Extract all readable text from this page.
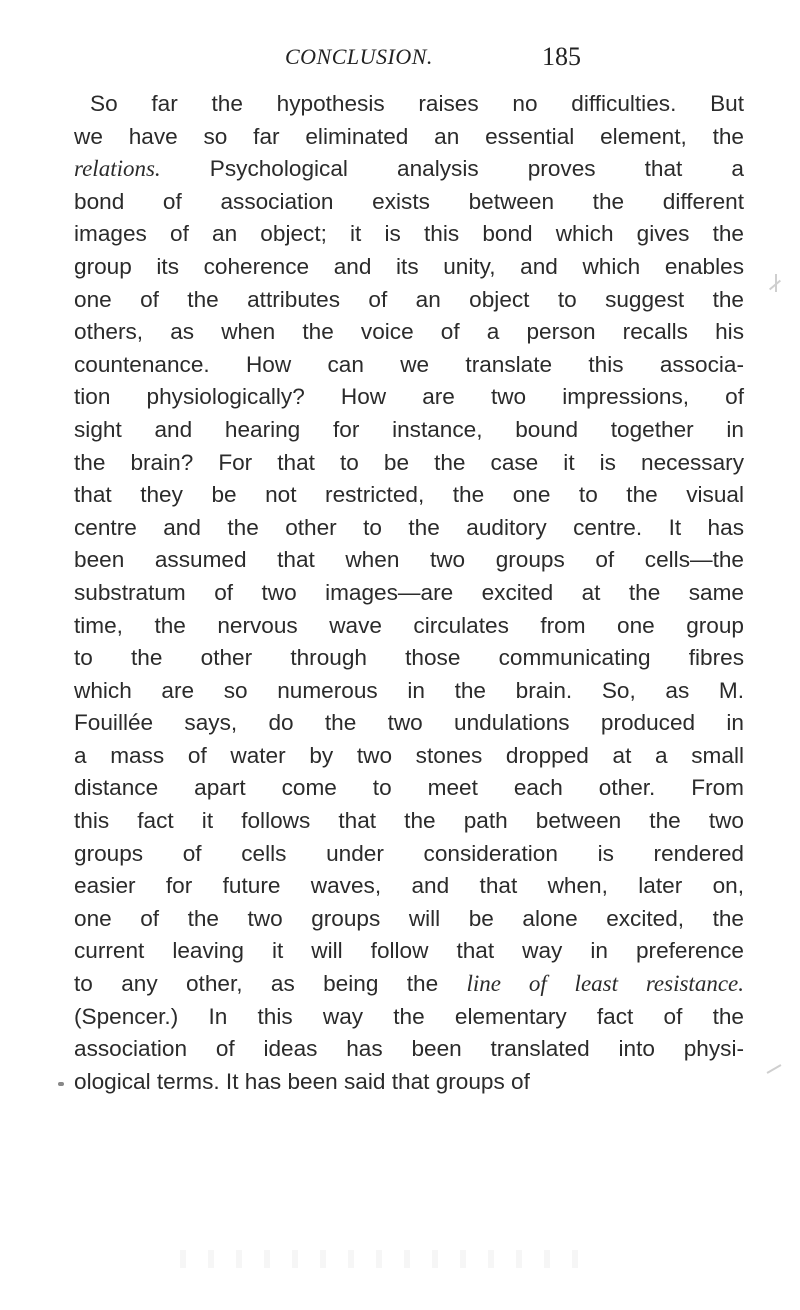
CONCLUSION.	185
So far the hypothesis raises no difficulties. But
we have so far eliminated an essential element, the
relations. Psychological analysis proves that a
bond of association exists between the different
images of an object; it is this bond which gives the
group its coherence and its unity, and which enables
one of the attributes of an object to suggest the
others, as when the voice of a person recalls his
countenance. How can we translate this associa-
tion physiologically? How are two impressions, of
sight and hearing for instance, bound together in
the brain? For that to be the case it is necessary
that they be not restricted, the one to the visual
centre and the other to the auditory centre. It has
been assumed that when two groups of cells—the
substratum of two images—are excited at the same
time, the nervous wave circulates from one group
to the other through those communicating fibres
which are so numerous in the brain. So, as M.
Fouillée says, do the two undulations produced in
a mass of water by two stones dropped at a small
distance apart come to meet each other. From
this fact it follows that the path between the two
groups of cells under consideration is rendered
easier for future waves, and that when, later on,
one of the two groups will be alone excited, the
current leaving it will follow that way in preference
to any other, as being the line of least resistance.
(Spencer.) In this way the elementary fact of the
association of ideas has been translated into physi-
ological terms. It has been said that groups of
